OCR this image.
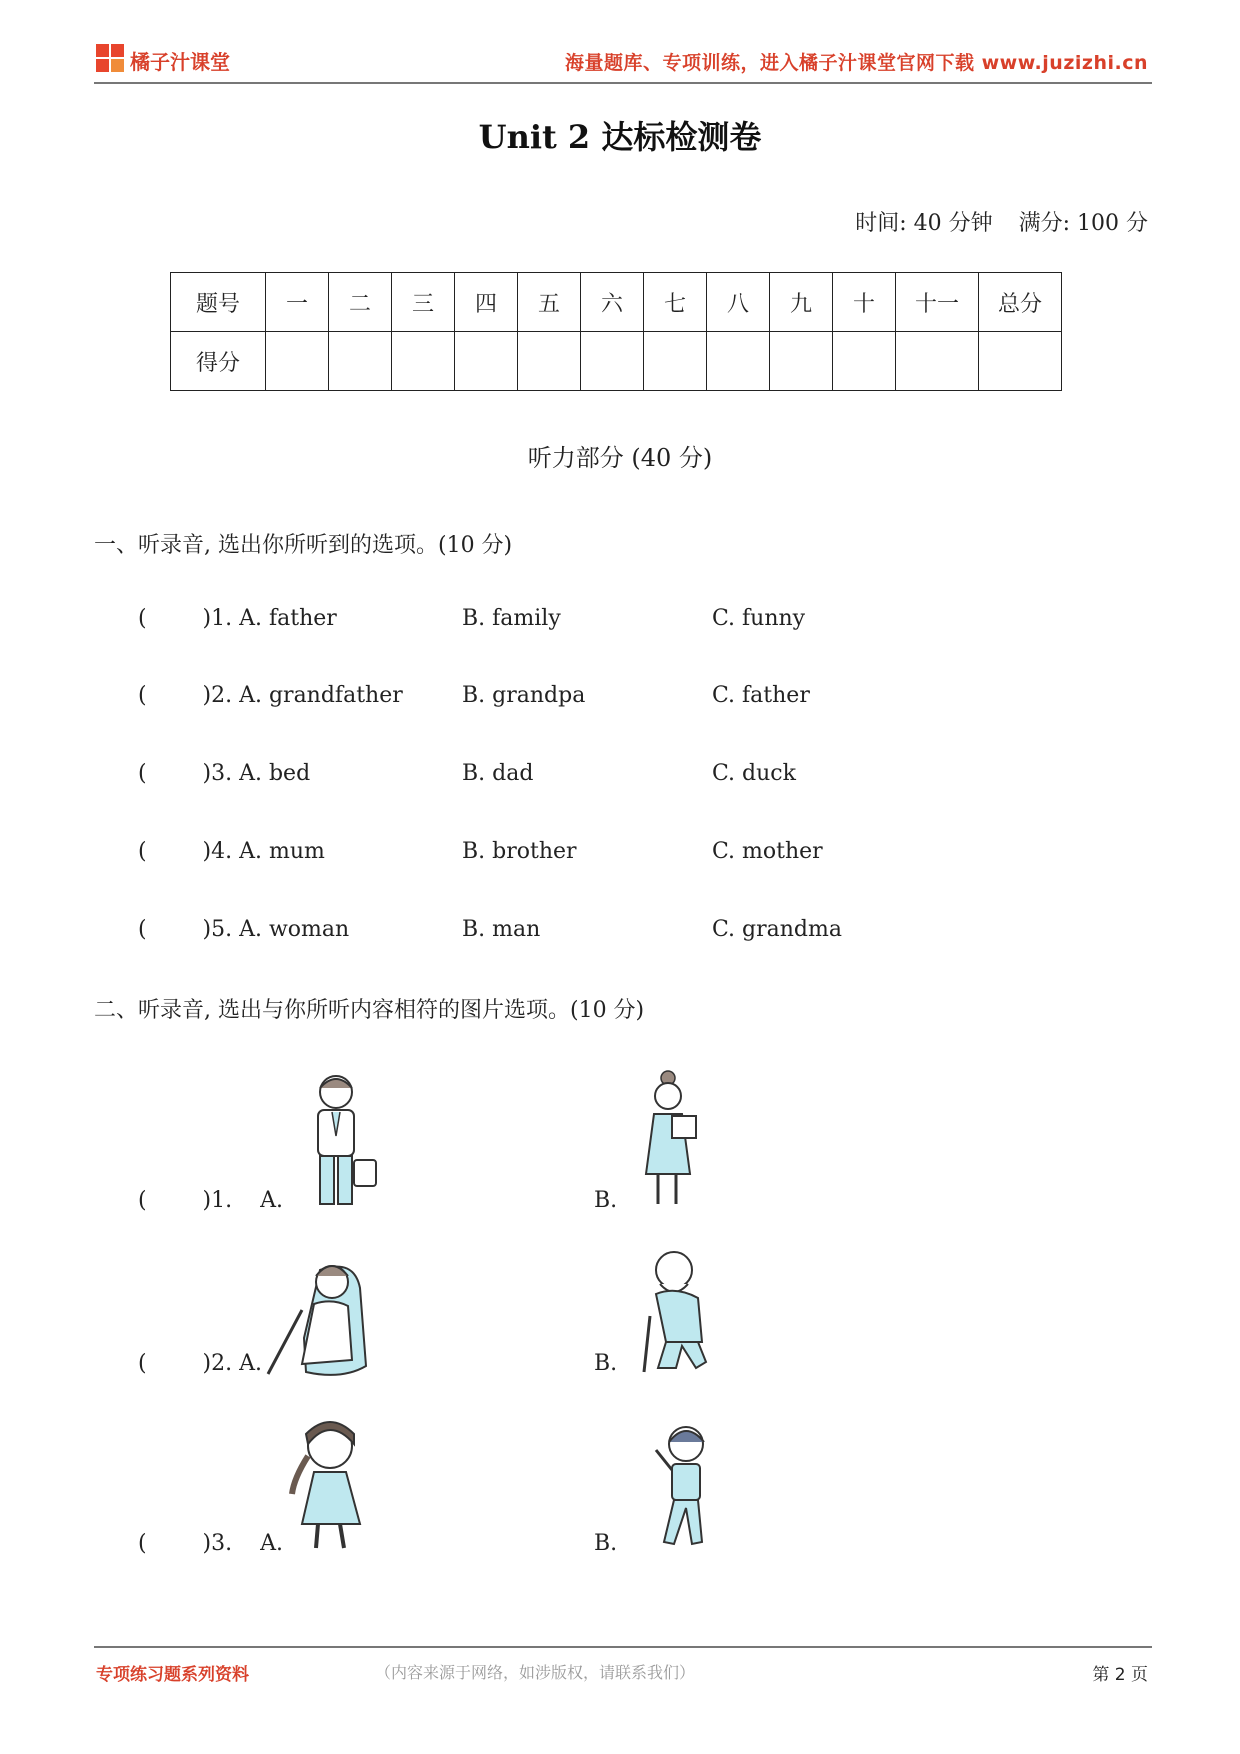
橘子汁课堂	海量题库、专项训练，进入橘子汁课堂官网下载 www.juzizhi.cn
Unit 2 达标检测卷
时间: 40 分钟 满分: 100 分
题号	一	二	三	四	五	六	七	八	九	十	十一	总分
得分												
听力部分 (40 分)
一、听录音, 选出你所听到的选项。(10 分)
(        )1. A. father	B. family	C. funny
(        )2. A. grandfather	B. grandpa	C. father
(        )3. A. bed	B. dad	C. duck
(        )4. A. mum	B. brother	C. mother
(        )5. A. woman	B. man	C. grandma
二、听录音, 选出与你所听内容相符的图片选项。(10 分)
(        )1.    A.	B.
(        )2. A.	B.
(        )3.    A.	B.
专项练习题系列资料	（内容来源于网络，如涉版权，请联系我们）	第 2 页
